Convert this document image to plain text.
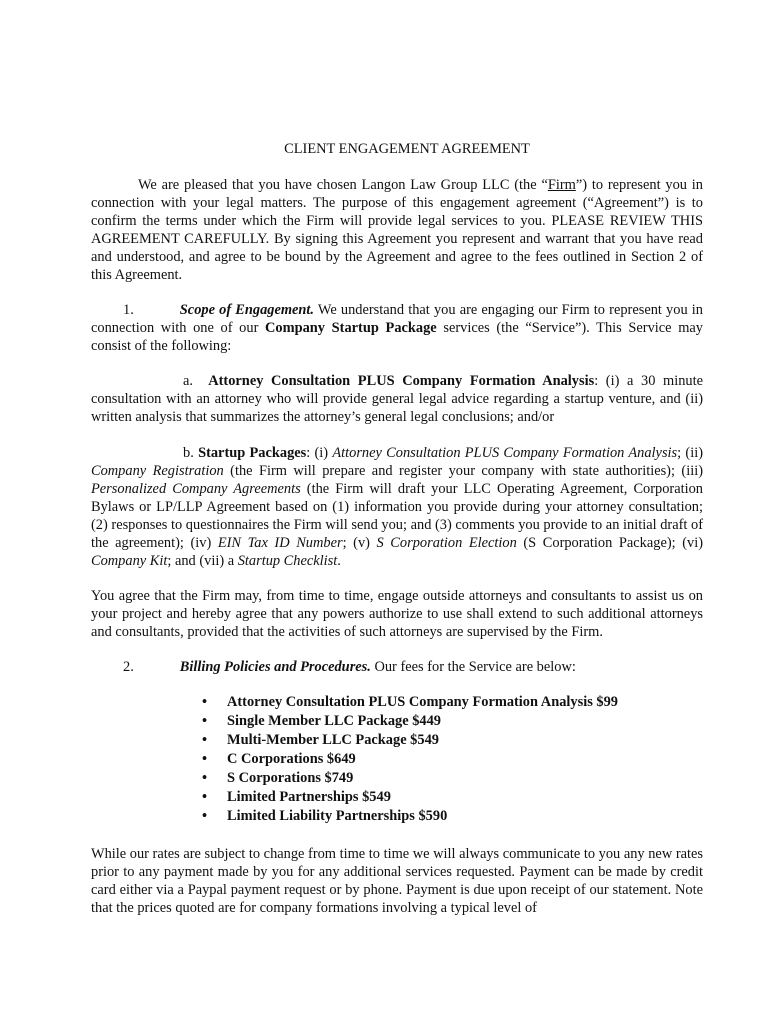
CLIENT ENGAGEMENT AGREEMENT

We are pleased that you have chosen Langon Law Group LLC (the “Firm”) to represent you in connection with your legal matters. The purpose of this engagement agreement (“Agreement”) is to confirm the terms under which the Firm will provide legal services to you. PLEASE REVIEW THIS AGREEMENT CAREFULLY. By signing this Agreement you represent and warrant that you have read and understood, and agree to be bound by the Agreement and agree to the fees outlined in Section 2 of this Agreement.

1.	Scope of Engagement. We understand that you are engaging our Firm to represent you in connection with one of our Company Startup Package services (the “Service”). This Service may consist of the following:

a. Attorney Consultation PLUS Company Formation Analysis: (i) a 30 minute consultation with an attorney who will provide general legal advice regarding a startup venture, and (ii) written analysis that summarizes the attorney’s general legal conclusions; and/or

b. Startup Packages: (i) Attorney Consultation PLUS Company Formation Analysis; (ii) Company Registration (the Firm will prepare and register your company with state authorities); (iii) Personalized Company Agreements (the Firm will draft your LLC Operating Agreement, Corporation Bylaws or LP/LLP Agreement based on (1) information you provide during your attorney consultation; (2) responses to questionnaires the Firm will send you; and (3) comments you provide to an initial draft of the agreement); (iv) EIN Tax ID Number; (v) S Corporation Election (S Corporation Package); (vi) Company Kit; and (vii) a Startup Checklist.

You agree that the Firm may, from time to time, engage outside attorneys and consultants to assist us on your project and hereby agree that any powers authorize to use shall extend to such additional attorneys and consultants, provided that the activities of such attorneys are supervised by the Firm.

2.	Billing Policies and Procedures. Our fees for the Service are below:

• Attorney Consultation PLUS Company Formation Analysis $99
• Single Member LLC Package $449
• Multi-Member LLC Package $549
• C Corporations $649
• S Corporations $749
• Limited Partnerships $549
• Limited Liability Partnerships $590

While our rates are subject to change from time to time we will always communicate to you any new rates prior to any payment made by you for any additional services requested. Payment can be made by credit card either via a Paypal payment request or by phone. Payment is due upon receipt of our statement. Note that the prices quoted are for company formations involving a typical level of
